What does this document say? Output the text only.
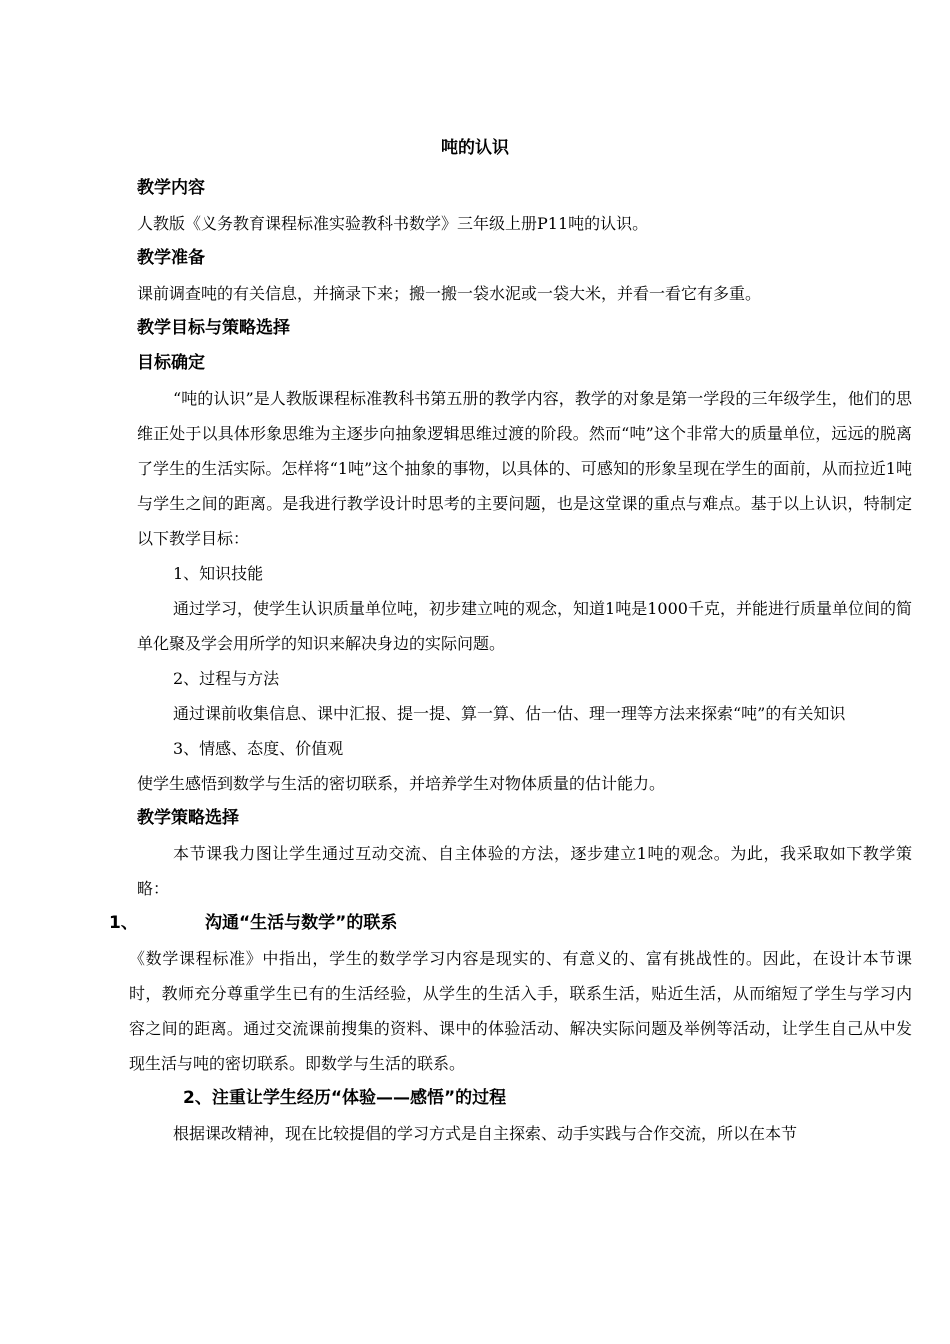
吨的认识
教学内容
人教版《义务教育课程标准实验教科书数学》三年级上册P11吨的认识。
教学准备
课前调查吨的有关信息，并摘录下来；搬一搬一袋水泥或一袋大米，并看一看它有多重。
教学目标与策略选择
目标确定
“吨的认识”是人教版课程标准教科书第五册的教学内容，教学的对象是第一学段的三年级学生，他们的思维正处于以具体形象思维为主逐步向抽象逻辑思维过渡的阶段。然而“吨”这个非常大的质量单位，远远的脱离了学生的生活实际。怎样将“1吨”这个抽象的事物，以具体的、可感知的形象呈现在学生的面前，从而拉近1吨与学生之间的距离。是我进行教学设计时思考的主要问题，也是这堂课的重点与难点。基于以上认识，特制定以下教学目标：
1、知识技能
通过学习，使学生认识质量单位吨，初步建立吨的观念，知道1吨是1000千克，并能进行质量单位间的简单化聚及学会用所学的知识来解决身边的实际问题。
2、过程与方法
通过课前收集信息、课中汇报、提一提、算一算、估一估、理一理等方法来探索“吨”的有关知识
3、情感、态度、价值观
使学生感悟到数学与生活的密切联系，并培养学生对物体质量的估计能力。
教学策略选择
本节课我力图让学生通过互动交流、自主体验的方法，逐步建立1吨的观念。为此，我采取如下教学策略：
1、	沟通“生活与数学”的联系
《数学课程标准》中指出，学生的数学学习内容是现实的、有意义的、富有挑战性的。因此，在设计本节课时，教师充分尊重学生已有的生活经验，从学生的生活入手，联系生活，贴近生活，从而缩短了学生与学习内容之间的距离。通过交流课前搜集的资料、课中的体验活动、解决实际问题及举例等活动，让学生自己从中发现生活与吨的密切联系。即数学与生活的联系。
2、注重让学生经历“体验——感悟”的过程
根据课改精神，现在比较提倡的学习方式是自主探索、动手实践与合作交流，所以在本节
